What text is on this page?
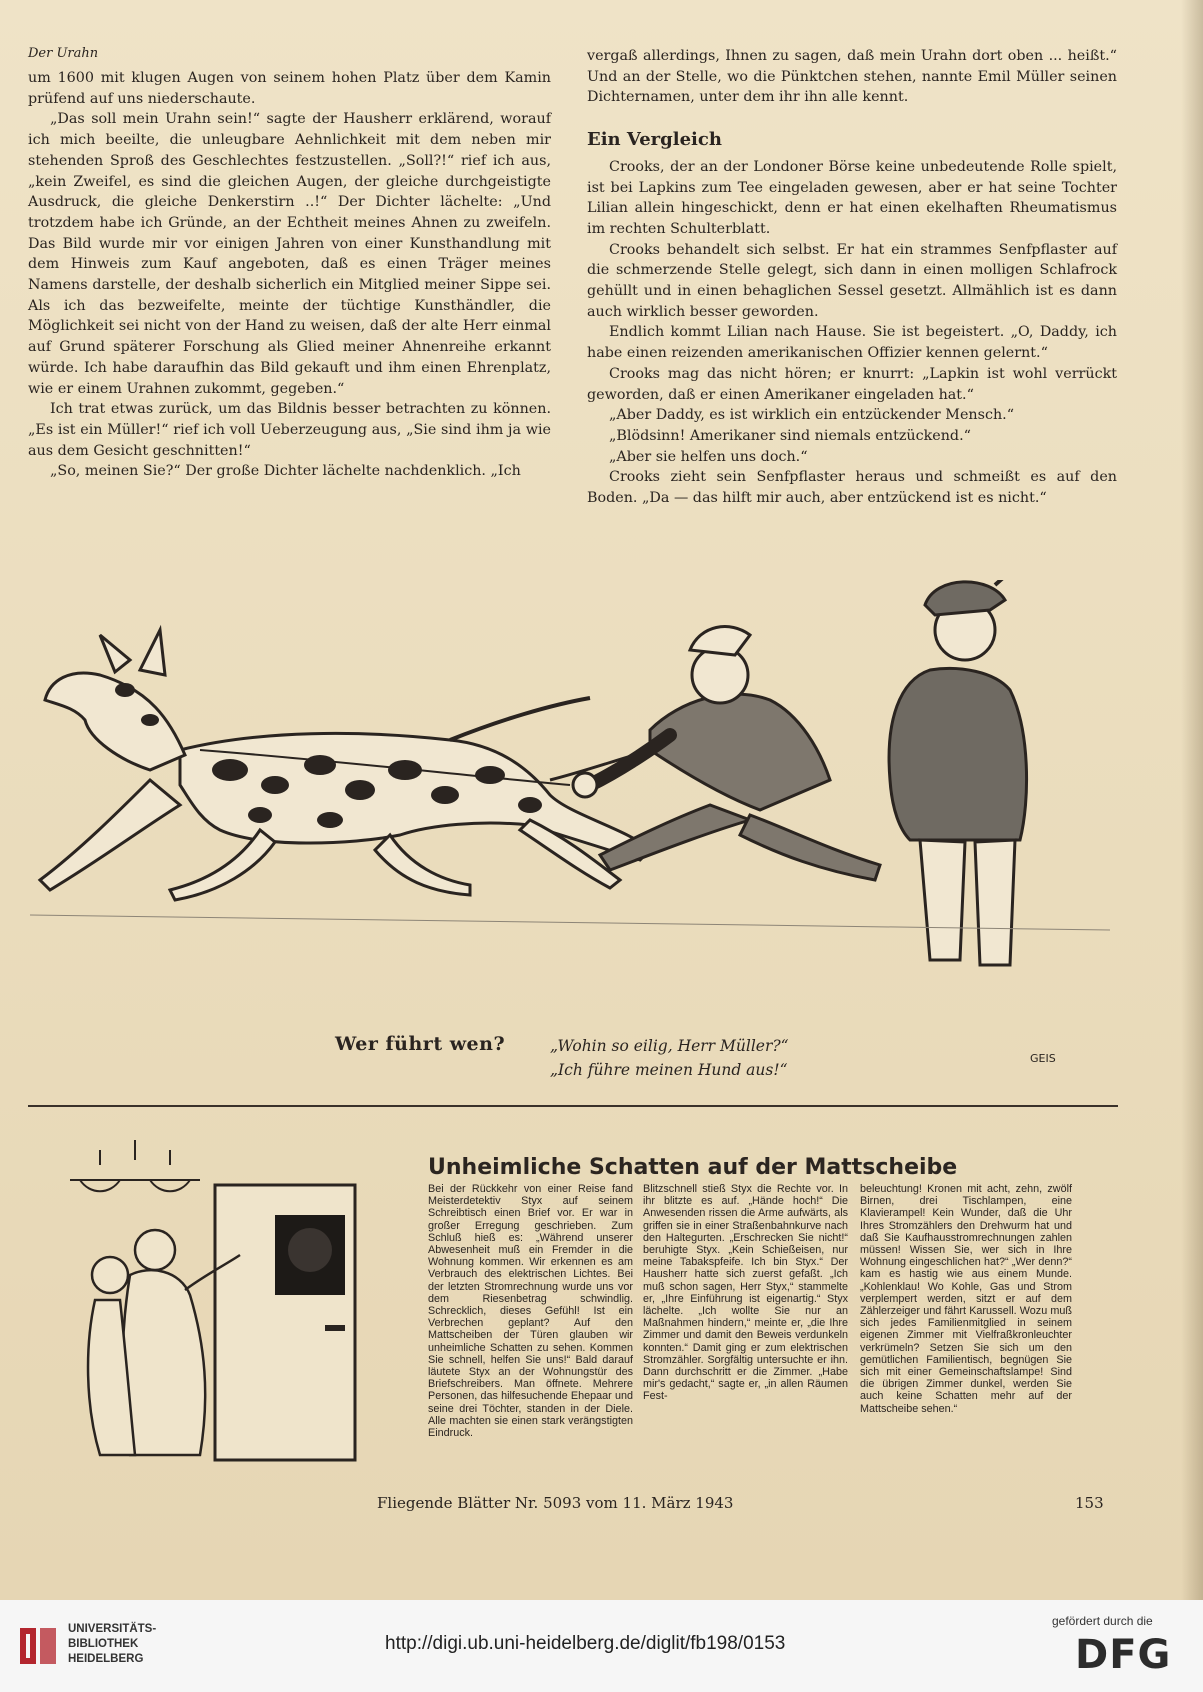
Der Urahn

um 1600 mit klugen Augen von seinem hohen Platz über dem Kamin prüfend auf uns niederschaute.

„Das soll mein Urahn sein!“ sagte der Hausherr erklärend, worauf ich mich beeilte, die unleugbare Aehnlichkeit mit dem neben mir stehenden Sproß des Geschlechtes festzustellen. „Soll?!“ rief ich aus, „kein Zweifel, es sind die gleichen Augen, der gleiche durchgeistigte Ausdruck, die gleiche Denkerstirn ..!“ Der Dichter lächelte: „Und trotzdem habe ich Gründe, an der Echtheit meines Ahnen zu zweifeln. Das Bild wurde mir vor einigen Jahren von einer Kunsthandlung mit dem Hinweis zum Kauf angeboten, daß es einen Träger meines Namens darstelle, der deshalb sicherlich ein Mitglied meiner Sippe sei. Als ich das bezweifelte, meinte der tüchtige Kunsthändler, die Möglichkeit sei nicht von der Hand zu weisen, daß der alte Herr einmal auf Grund späterer Forschung als Glied meiner Ahnenreihe erkannt würde. Ich habe daraufhin das Bild gekauft und ihm einen Ehrenplatz, wie er einem Urahnen zukommt, gegeben.“

Ich trat etwas zurück, um das Bildnis besser betrachten zu können. „Es ist ein Müller!“ rief ich voll Ueberzeugung aus, „Sie sind ihm ja wie aus dem Gesicht geschnitten!“

„So, meinen Sie?“ Der große Dichter lächelte nachdenklich. „Ich

vergaß allerdings, Ihnen zu sagen, daß mein Urahn dort oben ... heißt.“ Und an der Stelle, wo die Pünktchen stehen, nannte Emil Müller seinen Dichternamen, unter dem ihr ihn alle kennt.

Ein Vergleich

Crooks, der an der Londoner Börse keine unbedeutende Rolle spielt, ist bei Lapkins zum Tee eingeladen gewesen, aber er hat seine Tochter Lilian allein hingeschickt, denn er hat einen ekelhaften Rheumatismus im rechten Schulterblatt.

Crooks behandelt sich selbst. Er hat ein strammes Senfpflaster auf die schmerzende Stelle gelegt, sich dann in einen molligen Schlafrock gehüllt und in einen behaglichen Sessel gesetzt. Allmählich ist es dann auch wirklich besser geworden.

Endlich kommt Lilian nach Hause. Sie ist begeistert. „O, Daddy, ich habe einen reizenden amerikanischen Offizier kennen gelernt.“

Crooks mag das nicht hören; er knurrt: „Lapkin ist wohl verrückt geworden, daß er einen Amerikaner eingeladen hat.“

„Aber Daddy, es ist wirklich ein entzückender Mensch.“

„Blödsinn! Amerikaner sind niemals entzückend.“

„Aber sie helfen uns doch.“

Crooks zieht sein Senfpflaster heraus und schmeißt es auf den Boden. „Da — das hilft mir auch, aber entzückend ist es nicht.“

Wer führt wen?	„Wohin so eilig, Herr Müller?“
„Ich führe meinen Hund aus!“
GEIS
Unheimliche Schatten auf der Mattscheibe

Bei der Rückkehr von einer Reise fand Meisterdetektiv Styx auf seinem Schreibtisch einen Brief vor. Er war in großer Erregung geschrieben. Zum Schluß hieß es: „Während unserer Abwesenheit muß ein Fremder in die Wohnung kommen. Wir erkennen es am Verbrauch des elektrischen Lichtes. Bei der letzten Stromrechnung wurde uns vor dem Riesenbetrag schwindlig. Schrecklich, dieses Gefühl! Ist ein Verbrechen geplant? Auf den Mattscheiben der Türen glauben wir unheimliche Schatten zu sehen. Kommen Sie schnell, helfen Sie uns!“ Bald darauf läutete Styx an der Wohnungstür des Briefschreibers. Man öffnete. Mehrere Personen, das hilfesuchende Ehepaar und seine drei Töchter, standen in der Diele. Alle machten sie einen stark verängstigten Eindruck.

Blitzschnell stieß Styx die Rechte vor. In ihr blitzte es auf. „Hände hoch!“ Die Anwesenden rissen die Arme aufwärts, als griffen sie in einer Straßenbahnkurve nach den Haltegurten. „Erschrecken Sie nicht!“ beruhigte Styx. „Kein Schießeisen, nur meine Tabakspfeife. Ich bin Styx.“ Der Hausherr hatte sich zuerst gefaßt. „Ich muß schon sagen, Herr Styx,“ stammelte er, „Ihre Einführung ist eigenartig.“ Styx lächelte. „Ich wollte Sie nur an Maßnahmen hindern,“ meinte er, „die Ihre Zimmer und damit den Beweis verdunkeln konnten.“ Damit ging er zum elektrischen Stromzähler. Sorgfältig untersuchte er ihn. Dann durchschritt er die Zimmer. „Habe mir's gedacht,“ sagte er, „in allen Räumen Fest-

beleuchtung! Kronen mit acht, zehn, zwölf Birnen, drei Tischlampen, eine Klavierampel! Kein Wunder, daß die Uhr Ihres Stromzählers den Drehwurm hat und daß Sie Kaufhausstromrechnungen zahlen müssen! Wissen Sie, wer sich in Ihre Wohnung eingeschlichen hat?“ „Wer denn?“ kam es hastig wie aus einem Munde. „Kohlenklau! Wo Kohle, Gas und Strom verplempert werden, sitzt er auf dem Zählerzeiger und fährt Karussell. Wozu muß sich jedes Familienmitglied in seinem eigenen Zimmer mit Vielfraßkronleuchter verkrümeln? Setzen Sie sich um den gemütlichen Familientisch, begnügen Sie sich mit einer Gemeinschaftslampe! Sind die übrigen Zimmer dunkel, werden Sie auch keine Schatten mehr auf der Mattscheibe sehen.“

Fliegende Blätter Nr. 5093 vom 11. März 1943	153
UNIVERSITÄTS-
BIBLIOTHEK
HEIDELBERG
http://digi.ub.uni-heidelberg.de/diglit/fb198/0153
gefördert durch die
DFG
